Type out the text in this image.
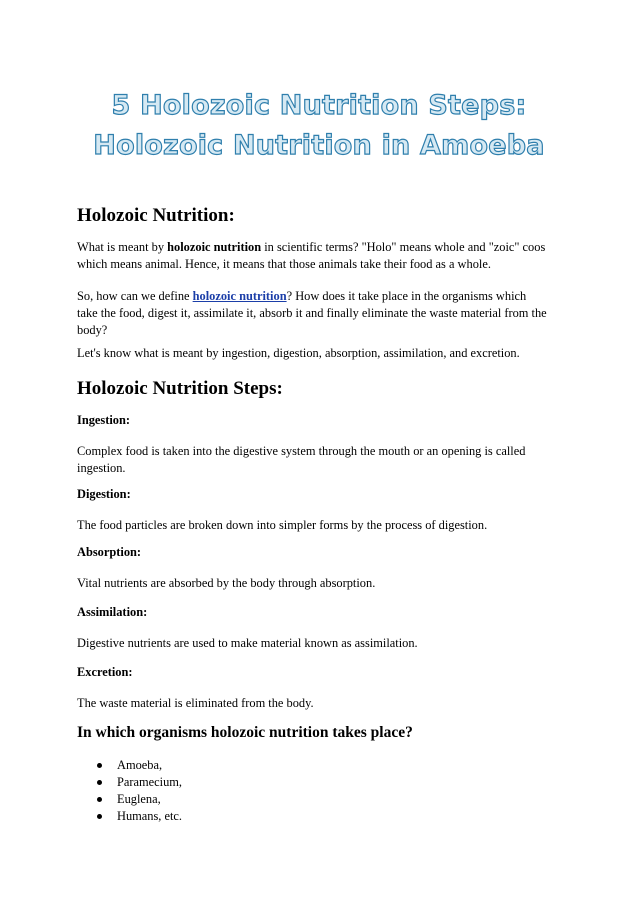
5 Holozoic Nutrition Steps:
Holozoic Nutrition in Amoeba
Holozoic Nutrition:

What is meant by holozoic nutrition in scientific terms? "Holo" means whole and "zoic" coos which means animal. Hence, it means that those animals take their food as a whole.

So, how can we define holozoic nutrition? How does it take place in the organisms which take the food, digest it, assimilate it, absorb it and finally eliminate the waste material from the body?

Let's know what is meant by ingestion, digestion, absorption, assimilation, and excretion.

Holozoic Nutrition Steps:
Ingestion:

Complex food is taken into the digestive system through the mouth or an opening is called ingestion.

Digestion:

The food particles are broken down into simpler forms by the process of digestion.

Absorption:

Vital nutrients are absorbed by the body through absorption.

Assimilation:

Digestive nutrients are used to make material known as assimilation.

Excretion:

The waste material is eliminated from the body.

In which organisms holozoic nutrition takes place?
Amoeba,
Paramecium,
Euglena,
Humans, etc.
